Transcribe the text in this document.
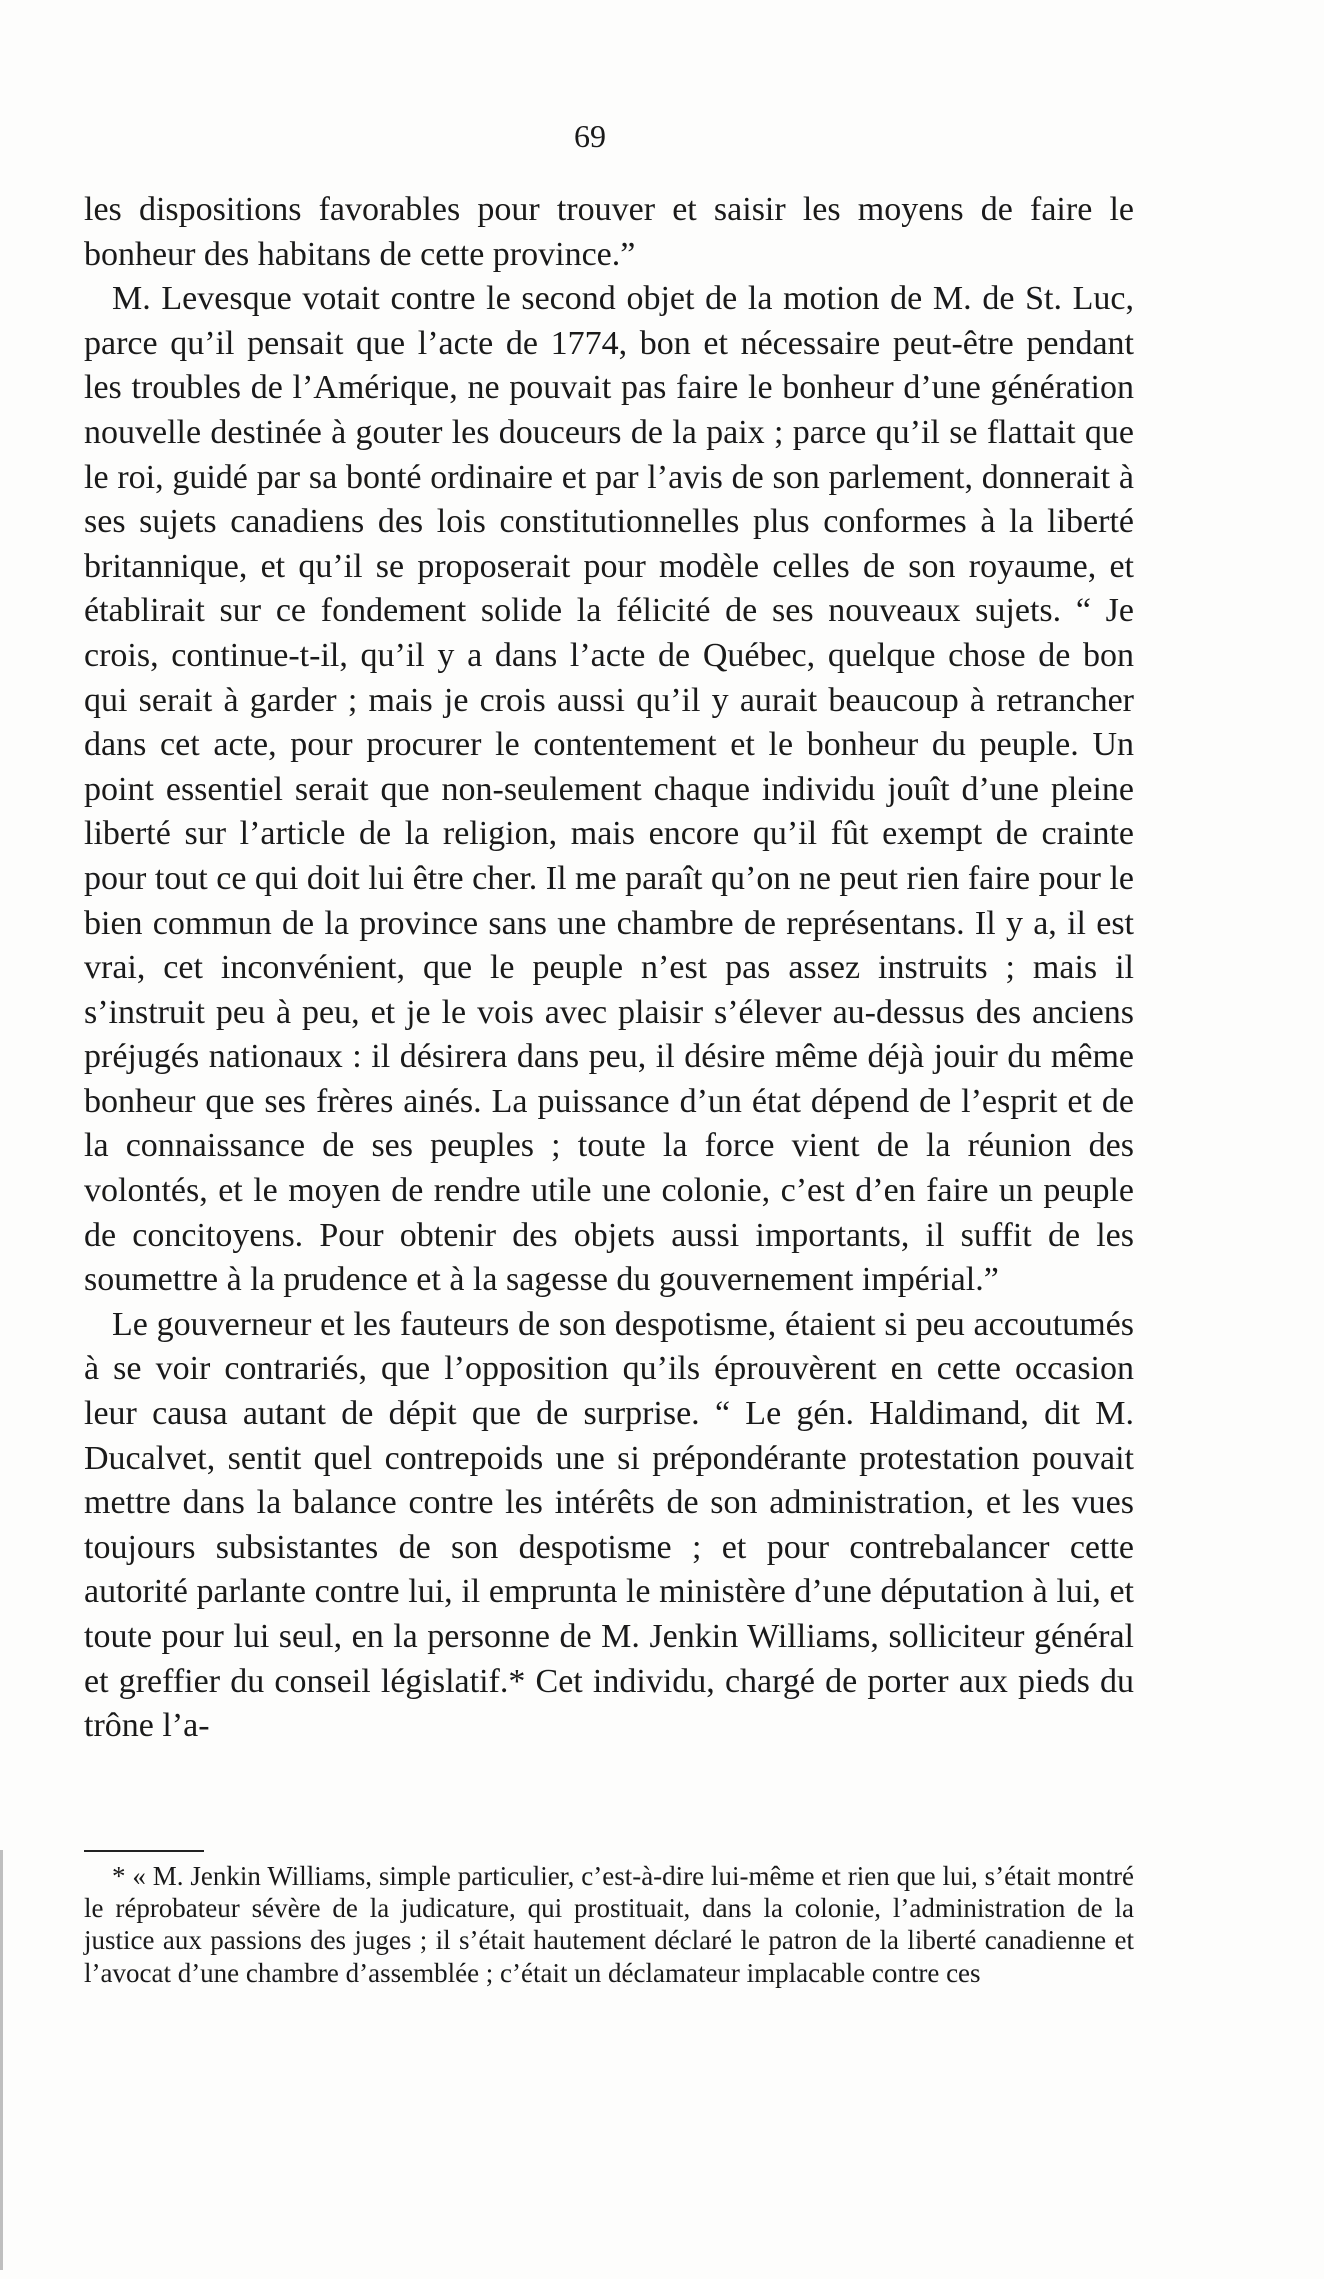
69

les dispositions favorables pour trouver et saisir les moyens de faire le bonheur des habitans de cette province.”

M. Levesque votait contre le second objet de la motion de M. de St. Luc, parce qu’il pensait que l’acte de 1774, bon et nécessaire peut-être pendant les troubles de l’Amérique, ne pouvait pas faire le bonheur d’une génération nouvelle destinée à gouter les douceurs de la paix ; parce qu’il se flattait que le roi, guidé par sa bonté ordinaire et par l’avis de son parlement, donnerait à ses sujets canadiens des lois constitutionnelles plus conformes à la liberté britannique, et qu’il se proposerait pour modèle celles de son royaume, et établirait sur ce fondement solide la félicité de ses nouveaux sujets. “ Je crois, continue-t-il, qu’il y a dans l’acte de Québec, quelque chose de bon qui serait à garder ; mais je crois aussi qu’il y aurait beaucoup à retrancher dans cet acte, pour procurer le contentement et le bonheur du peuple. Un point essentiel serait que non-seulement chaque individu jouît d’une pleine liberté sur l’article de la religion, mais encore qu’il fût exempt de crainte pour tout ce qui doit lui être cher. Il me paraît qu’on ne peut rien faire pour le bien commun de la province sans une chambre de représentans. Il y a, il est vrai, cet inconvénient, que le peuple n’est pas assez instruits ; mais il s’instruit peu à peu, et je le vois avec plaisir s’élever au-dessus des anciens préjugés nationaux : il désirera dans peu, il désire même déjà jouir du même bonheur que ses frères ainés. La puissance d’un état dépend de l’esprit et de la connaissance de ses peuples ; toute la force vient de la réunion des volontés, et le moyen de rendre utile une colonie, c’est d’en faire un peuple de concitoyens. Pour obtenir des objets aussi importants, il suffit de les soumettre à la prudence et à la sagesse du gouvernement impérial.”

Le gouverneur et les fauteurs de son despotisme, étaient si peu accoutumés à se voir contrariés, que l’opposition qu’ils éprouvèrent en cette occasion leur causa autant de dépit que de surprise. “ Le gén. Haldimand, dit M. Ducalvet, sentit quel contrepoids une si prépondérante protestation pouvait mettre dans la balance contre les intérêts de son administration, et les vues toujours subsistantes de son despotisme ; et pour contrebalancer cette autorité parlante contre lui, il emprunta le ministère d’une députation à lui, et toute pour lui seul, en la personne de M. Jenkin Williams, solliciteur général et greffier du conseil législatif.* Cet individu, chargé de porter aux pieds du trône l’a-

* « M. Jenkin Williams, simple particulier, c’est-à-dire lui-même et rien que lui, s’était montré le réprobateur sévère de la judicature, qui prostituait, dans la colonie, l’administration de la justice aux passions des juges ; il s’était hautement déclaré le patron de la liberté canadienne et l’avocat d’une chambre d’assemblée ; c’était un déclamateur implacable contre ces
